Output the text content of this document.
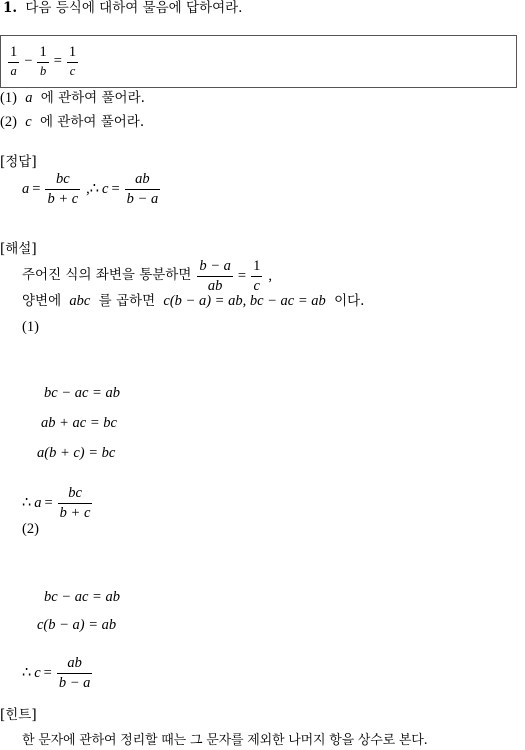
1. 다음 등식에 대하여 물음에 답하여라.
$\frac{1}{a} - \frac{1}{b} = \frac{1}{c}$
(1) a 에 관하여 풀어라.
(2) c 에 관하여 풀어라.
[정답]
$a = \frac{bc}{b + c}$ ,∴ $c = \frac{ab}{b - a}$
[해설]
주어진 식의 좌변을 통분하면 $\frac{b - a}{ab} = \frac{1}{c}$ ,
양변에 abc 를 곱하면 c(b − a) = ab, bc − ac = ab 이다.
(1)
bc − ac = ab
ab + ac = bc
a(b + c) = bc
∴ $a = \frac{bc}{b + c}$
(2)
bc − ac = ab
c(b − a) = ab
∴ $c = \frac{ab}{b - a}$
[힌트]
한 문자에 관하여 정리할 때는 그 문자를 제외한 나머지 항을 상수로 본다.
